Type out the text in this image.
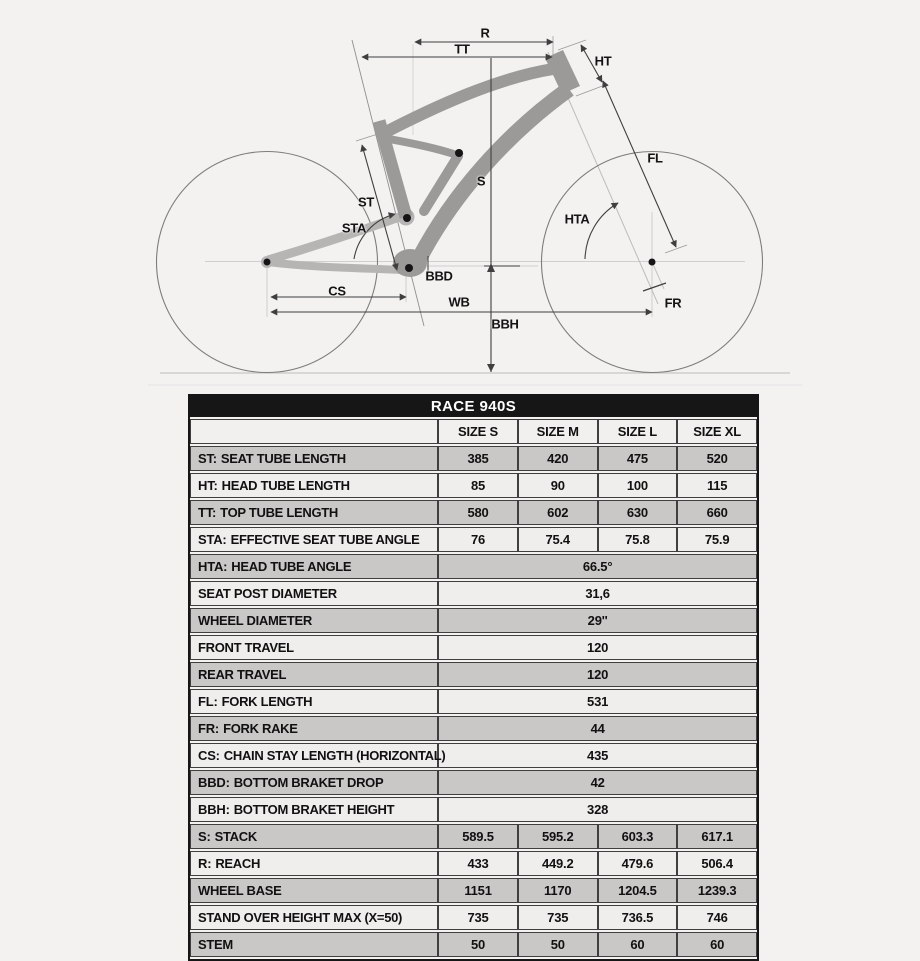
R
TT
HT
FL
HTA
FR
S
ST
STA
BBD
CS
WB
BBH
RACE 940S
	SIZE S	SIZE M	SIZE L	SIZE XL
ST: SEAT TUBE LENGTH	385	420	475	520
HT: HEAD TUBE LENGTH	85	90	100	115
TT: TOP TUBE LENGTH	580	602	630	660
STA: EFFECTIVE SEAT TUBE ANGLE	76	75.4	75.8	75.9
HTA: HEAD TUBE ANGLE	66.5°			
SEAT POST DIAMETER	31,6			
WHEEL DIAMETER	29''			
FRONT TRAVEL	120			
REAR TRAVEL	120			
FL: FORK LENGTH	531			
FR: FORK RAKE	44			
CS: CHAIN STAY LENGTH (HORIZONTAL)	435			
BBD: BOTTOM BRAKET DROP	42			
BBH: BOTTOM BRAKET HEIGHT	328			
S: STACK	589.5	595.2	603.3	617.1
R: REACH	433	449.2	479.6	506.4
WHEEL BASE	1151	1170	1204.5	1239.3
STAND OVER HEIGHT MAX (X=50)	735	735	736.5	746
STEM	50	50	60	60
